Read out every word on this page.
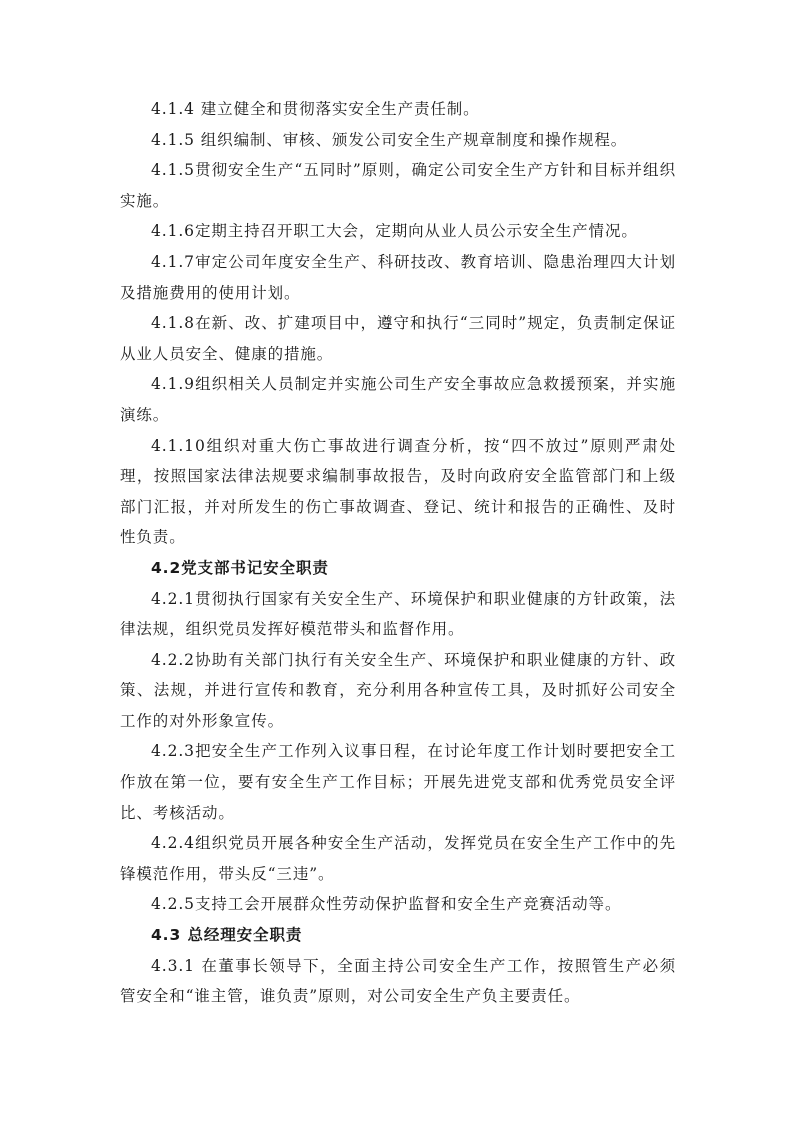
4.1.4 建立健全和贯彻落实安全生产责任制。

4.1.5 组织编制、审核、颁发公司安全生产规章制度和操作规程。

4.1.5贯彻安全生产“五同时”原则，确定公司安全生产方针和目标并组织实施。

4.1.6定期主持召开职工大会，定期向从业人员公示安全生产情况。

4.1.7审定公司年度安全生产、科研技改、教育培训、隐患治理四大计划及措施费用的使用计划。

4.1.8在新、改、扩建项目中，遵守和执行“三同时”规定，负责制定保证从业人员安全、健康的措施。

4.1.9组织相关人员制定并实施公司生产安全事故应急救援预案，并实施演练。

4.1.10组织对重大伤亡事故进行调查分析，按“四不放过”原则严肃处理，按照国家法律法规要求编制事故报告，及时向政府安全监管部门和上级部门汇报，并对所发生的伤亡事故调查、登记、统计和报告的正确性、及时性负责。

4.2党支部书记安全职责

4.2.1贯彻执行国家有关安全生产、环境保护和职业健康的方针政策，法律法规，组织党员发挥好模范带头和监督作用。

4.2.2协助有关部门执行有关安全生产、环境保护和职业健康的方针、政策、法规，并进行宣传和教育，充分利用各种宣传工具，及时抓好公司安全工作的对外形象宣传。

4.2.3把安全生产工作列入议事日程，在讨论年度工作计划时要把安全工作放在第一位，要有安全生产工作目标；开展先进党支部和优秀党员安全评比、考核活动。

4.2.4组织党员开展各种安全生产活动，发挥党员在安全生产工作中的先锋模范作用，带头反“三违”。

4.2.5支持工会开展群众性劳动保护监督和安全生产竞赛活动等。

4.3 总经理安全职责

4.3.1 在董事长领导下，全面主持公司安全生产工作，按照管生产必须管安全和“谁主管，谁负责”原则，对公司安全生产负主要责任。
